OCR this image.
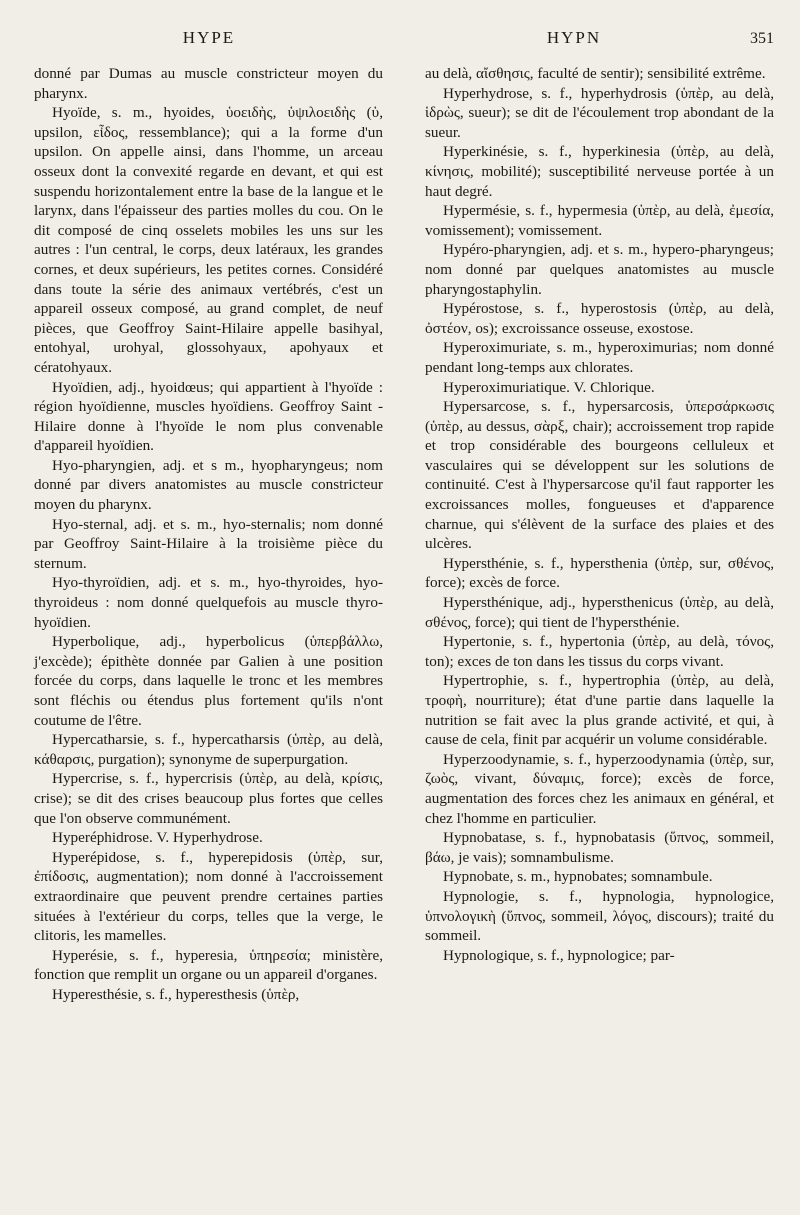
HYPE	HYPN	351

donné par Dumas au muscle constricteur moyen du pharynx.

Hyoïde, s. m., hyoides, ὑοειδὴς, ὑψιλοειδὴς (ὑ, upsilon, εἶδος, ressemblance); qui a la forme d'un upsilon. On appelle ainsi, dans l'homme, un arceau osseux dont la convexité regarde en devant, et qui est suspendu horizontalement entre la base de la langue et le larynx, dans l'épaisseur des parties molles du cou. On le dit composé de cinq osselets mobiles les uns sur les autres : l'un central, le corps, deux latéraux, les grandes cornes, et deux supérieurs, les petites cornes. Considéré dans toute la série des animaux vertébrés, c'est un appareil osseux composé, au grand complet, de neuf pièces, que Geoffroy Saint-Hilaire appelle basihyal, entohyal, urohyal, glossohyaux, apohyaux et cératohyaux.

Hyoïdien, adj., hyoidœus; qui appartient à l'hyoïde : région hyoïdienne, muscles hyoïdiens. Geoffroy Saint - Hilaire donne à l'hyoïde le nom plus convenable d'appareil hyoïdien.

Hyo-pharyngien, adj. et s m., hyopharyngeus; nom donné par divers anatomistes au muscle constricteur moyen du pharynx.

Hyo-sternal, adj. et s. m., hyo-sternalis; nom donné par Geoffroy Saint-Hilaire à la troisième pièce du sternum.

Hyo-thyroïdien, adj. et s. m., hyo-thyroides, hyo-thyroideus : nom donné quelquefois au muscle thyro-hyoïdien.

Hyperbolique, adj., hyperbolicus (ὑπερβάλλω, j'excède); épithète donnée par Galien à une position forcée du corps, dans laquelle le tronc et les membres sont fléchis ou étendus plus fortement qu'ils n'ont coutume de l'être.

Hypercatharsie, s. f., hypercatharsis (ὑπὲρ, au delà, κάθαρσις, purgation); synonyme de superpurgation.

Hypercrise, s. f., hypercrisis (ὑπὲρ, au delà, κρίσις, crise); se dit des crises beaucoup plus fortes que celles que l'on observe communément.

Hyperéphidrose. V. Hyperhydrose.

Hyperépidose, s. f., hyperepidosis (ὑπὲρ, sur, ἐπίδοσις, augmentation); nom donné à l'accroissement extraordinaire que peuvent prendre certaines parties situées à l'extérieur du corps, telles que la verge, le clitoris, les mamelles.

Hyperésie, s. f., hyperesia, ὑπηρεσία; ministère, fonction que remplit un organe ou un appareil d'organes.

Hyperesthésie, s. f., hyperesthesis (ὑπὲρ,

au delà, αἴσθησις, faculté de sentir); sensibilité extrême.

Hyperhydrose, s. f., hyperhydrosis (ὑπὲρ, au delà, ἱδρὼς, sueur); se dit de l'écoulement trop abondant de la sueur.

Hyperkinésie, s. f., hyperkinesia (ὑπὲρ, au delà, κίνησις, mobilité); susceptibilité nerveuse portée à un haut degré.

Hypermésie, s. f., hypermesia (ὑπὲρ, au delà, ἐμεσία, vomissement); vomissement.

Hypéro-pharyngien, adj. et s. m., hypero-pharyngeus; nom donné par quelques anatomistes au muscle pharyngostaphylin.

Hypérostose, s. f., hyperostosis (ὑπὲρ, au delà, ὀστέον, os); excroissance osseuse, exostose.

Hyperoximuriate, s. m., hyperoximurias; nom donné pendant long-temps aux chlorates.

Hyperoximuriatique. V. Chlorique.

Hypersarcose, s. f., hypersarcosis, ὑπερσάρκωσις (ὑπὲρ, au dessus, σὰρξ, chair); accroissement trop rapide et trop considérable des bourgeons celluleux et vasculaires qui se développent sur les solutions de continuité. C'est à l'hypersarcose qu'il faut rapporter les excroissances molles, fongueuses et d'apparence charnue, qui s'élèvent de la surface des plaies et des ulcères.

Hypersthénie, s. f., hypersthenia (ὑπὲρ, sur, σθένος, force); excès de force.

Hypersthénique, adj., hypersthenicus (ὑπὲρ, au delà, σθένος, force); qui tient de l'hypersthénie.

Hypertonie, s. f., hypertonia (ὑπὲρ, au delà, τόνος, ton); exces de ton dans les tissus du corps vivant.

Hypertrophie, s. f., hypertrophia (ὑπὲρ, au delà, τροφὴ, nourriture); état d'une partie dans laquelle la nutrition se fait avec la plus grande activité, et qui, à cause de cela, finit par acquérir un volume considérable.

Hyperzoodynamie, s. f., hyperzoodynamia (ὑπὲρ, sur, ζωὸς, vivant, δύναμις, force); excès de force, augmentation des forces chez les animaux en général, et chez l'homme en particulier.

Hypnobatase, s. f., hypnobatasis (ὕπνος, sommeil, βάω, je vais); somnambulisme.

Hypnobate, s. m., hypnobates; somnambule.

Hypnologie, s. f., hypnologia, hypnologice, ὑπνολογικὴ (ὕπνος, sommeil, λόγος, discours); traité du sommeil.

Hypnologique, s. f., hypnologice; par-
